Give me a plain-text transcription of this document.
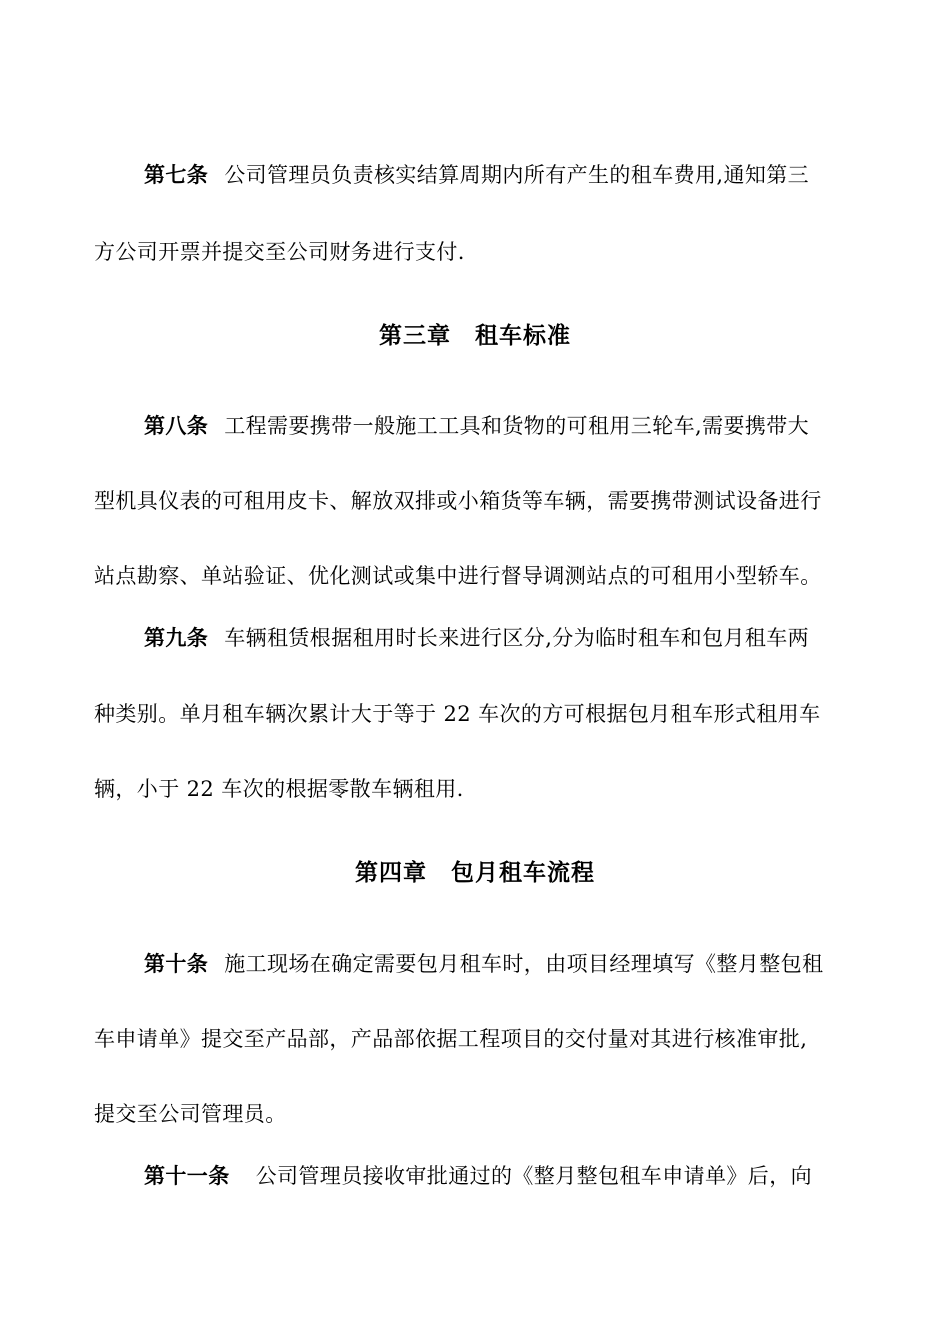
第七条 公司管理员负责核实结算周期内所有产生的租车费用,通知第三
方公司开票并提交至公司财务进行支付.
第三章 租车标准
第八条 工程需要携带一般施工工具和货物的可租用三轮车,需要携带大
型机具仪表的可租用皮卡、解放双排或小箱货等车辆，需要携带测试设备进行
站点勘察、单站验证、优化测试或集中进行督导调测站点的可租用小型轿车。
第九条 车辆租赁根据租用时长来进行区分,分为临时租车和包月租车两
种类别。单月租车辆次累计大于等于 22 车次的方可根据包月租车形式租用车
辆，小于 22 车次的根据零散车辆租用.
第四章 包月租车流程
第十条 施工现场在确定需要包月租车时，由项目经理填写《整月整包租
车申请单》提交至产品部，产品部依据工程项目的交付量对其进行核准审批,
提交至公司管理员。
第十一条 公司管理员接收审批通过的《整月整包租车申请单》后，向
